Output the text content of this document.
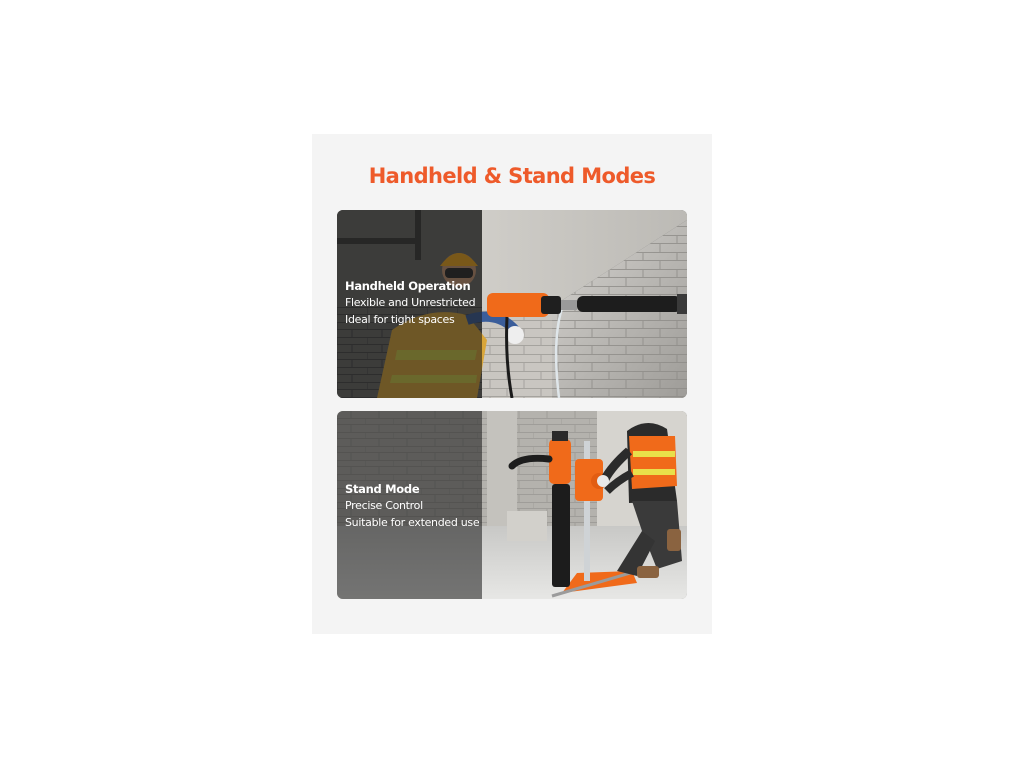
Handheld & Stand Modes
Handheld Operation
Flexible and Unrestricted
Ideal for tight spaces
Stand Mode
Precise Control
Suitable for extended use
